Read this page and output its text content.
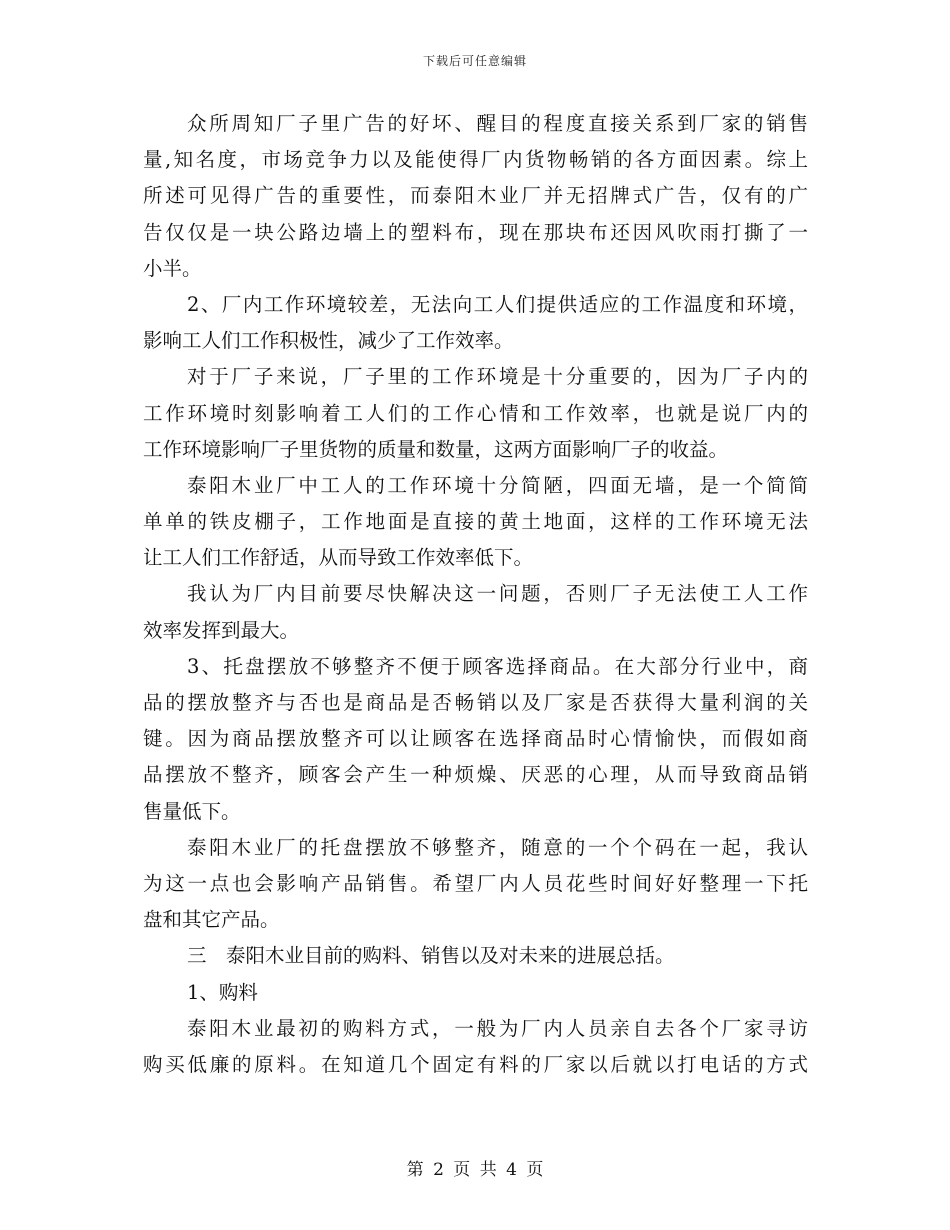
下载后可任意编辑
众所周知厂子里广告的好坏、醒目的程度直接关系到厂家的销售
量,知名度，市场竞争力以及能使得厂内货物畅销的各方面因素。综上
所述可见得广告的重要性，而泰阳木业厂并无招牌式广告，仅有的广
告仅仅是一块公路边墙上的塑料布，现在那块布还因风吹雨打撕了一
小半。
2、厂内工作环境较差，无法向工人们提供适应的工作温度和环境，
影响工人们工作积极性，减少了工作效率。
对于厂子来说，厂子里的工作环境是十分重要的，因为厂子内的
工作环境时刻影响着工人们的工作心情和工作效率，也就是说厂内的
工作环境影响厂子里货物的质量和数量，这两方面影响厂子的收益。
泰阳木业厂中工人的工作环境十分简陋，四面无墙，是一个简简
单单的铁皮棚子，工作地面是直接的黄土地面，这样的工作环境无法
让工人们工作舒适，从而导致工作效率低下。
我认为厂内目前要尽快解决这一问题，否则厂子无法使工人工作
效率发挥到最大。
3、托盘摆放不够整齐不便于顾客选择商品。在大部分行业中，商
品的摆放整齐与否也是商品是否畅销以及厂家是否获得大量利润的关
键。因为商品摆放整齐可以让顾客在选择商品时心情愉快，而假如商
品摆放不整齐，顾客会产生一种烦燥、厌恶的心理，从而导致商品销
售量低下。
泰阳木业厂的托盘摆放不够整齐，随意的一个个码在一起，我认
为这一点也会影响产品销售。希望厂内人员花些时间好好整理一下托
盘和其它产品。
三　泰阳木业目前的购料、销售以及对未来的进展总括。
1、购料
泰阳木业最初的购料方式，一般为厂内人员亲自去各个厂家寻访
购买低廉的原料。在知道几个固定有料的厂家以后就以打电话的方式
第 2 页 共 4 页
